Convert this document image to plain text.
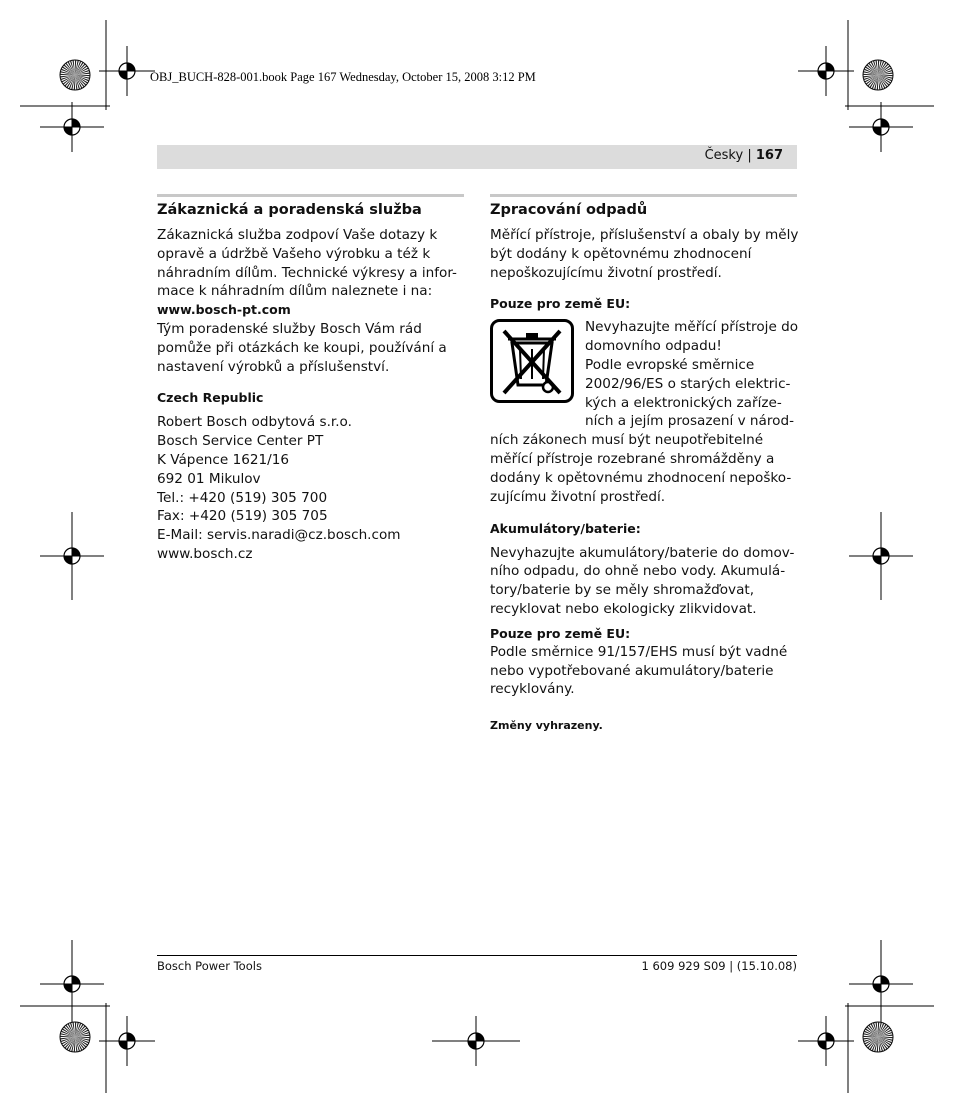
OBJ_BUCH-828-001.book Page 167 Wednesday, October 15, 2008 3:12 PM
Česky | 167

Zákaznická a poradenská služba

Zákaznická služba zodpoví Vaše dotazy k

opravě a údržbě Vašeho výrobku a též k

náhradním dílům. Technické výkresy a infor-

mace k náhradním dílům naleznete i na:

www.bosch-pt.com

Tým poradenské služby Bosch Vám rád

pomůže při otázkách ke koupi, používání a

nastavení výrobků a příslušenství.

Czech Republic

Robert Bosch odbytová s.r.o.

Bosch Service Center PT

K Vápence 1621/16

692 01 Mikulov

Tel.: +420 (519) 305 700

Fax: +420 (519) 305 705

E-Mail: servis.naradi@cz.bosch.com

www.bosch.cz

Zpracování odpadů

Měřící přístroje, příslušenství a obaly by měly

být dodány k opětovnému zhodnocení

nepoškozujícímu životní prostředí.

Pouze pro země EU:

Nevyhazujte měřící přístroje do

domovního odpadu!

Podle evropské směrnice

2002/96/ES o starých elektric-

kých a elektronických zaříze-

ních a jejím prosazení v národ-

ních zákonech musí být neupotřebitelné

měřící přístroje rozebrané shromážděny a

dodány k opětovnému zhodnocení nepoško-

zujícímu životní prostředí.

Akumulátory/baterie:

Nevyhazujte akumulátory/baterie do domov-

ního odpadu, do ohně nebo vody. Akumulá-

tory/baterie by se měly shromažďovat,

recyklovat nebo ekologicky zlikvidovat.

Pouze pro země EU:

Podle směrnice 91/157/EHS musí být vadné

nebo vypotřebované akumulátory/baterie

recyklovány.

Změny vyhrazeny.

Bosch Power Tools	1 609 929 S09 | (15.10.08)
